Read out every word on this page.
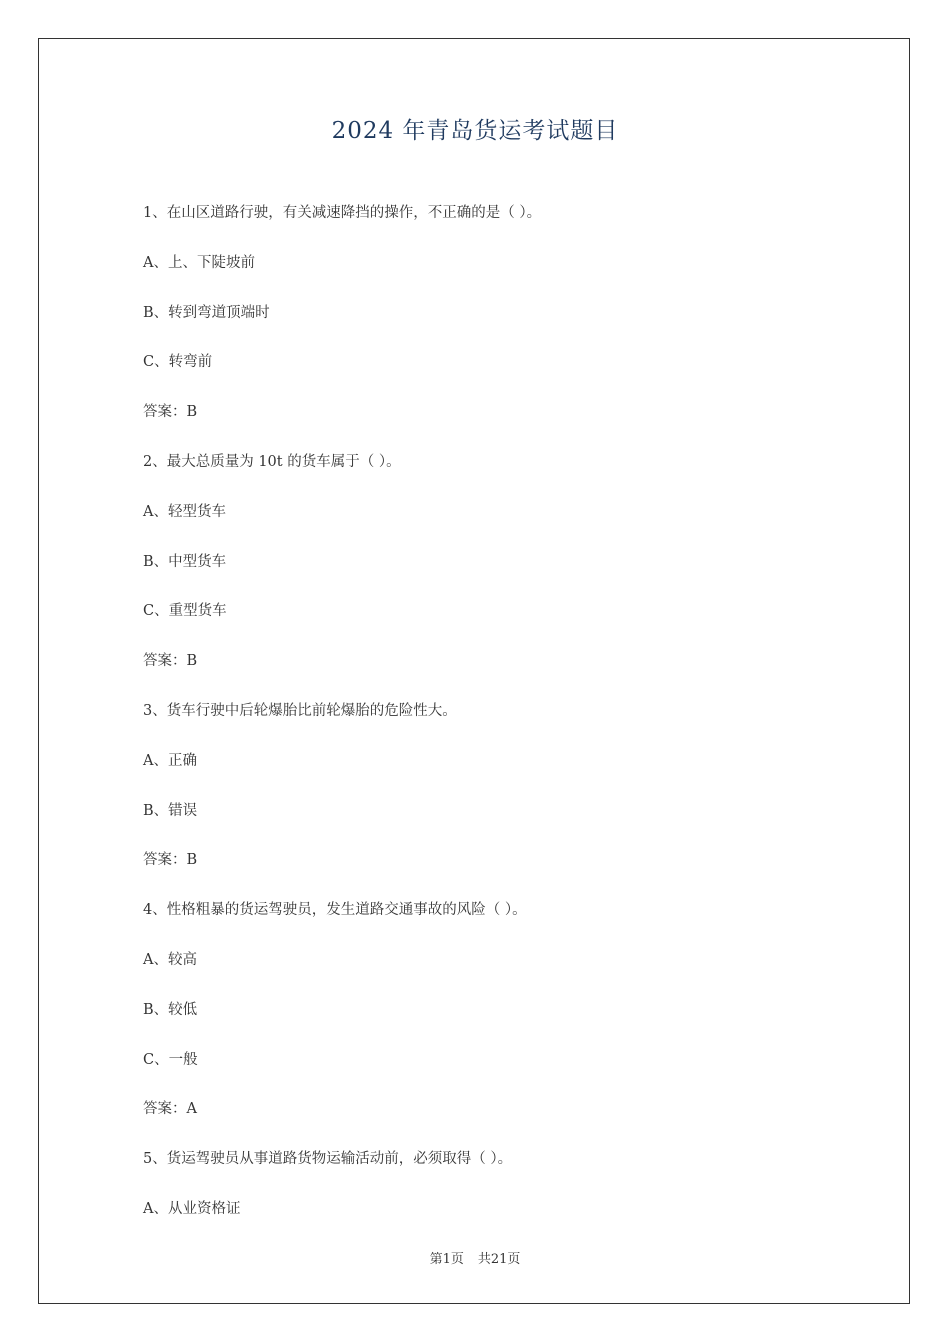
2024 年青岛货运考试题目
1、在山区道路行驶，有关减速降挡的操作，不正确的是（ ）。
A、上、下陡坡前
B、转到弯道顶端时
C、转弯前
答案：B
2、最大总质量为 10t 的货车属于（ ）。
A、轻型货车
B、中型货车
C、重型货车
答案：B
3、货车行驶中后轮爆胎比前轮爆胎的危险性大。
A、正确
B、错误
答案：B
4、性格粗暴的货运驾驶员，发生道路交通事故的风险（ ）。
A、较高
B、较低
C、一般
答案：A
5、货运驾驶员从事道路货物运输活动前，必须取得（ ）。
A、从业资格证
第1页 共21页
